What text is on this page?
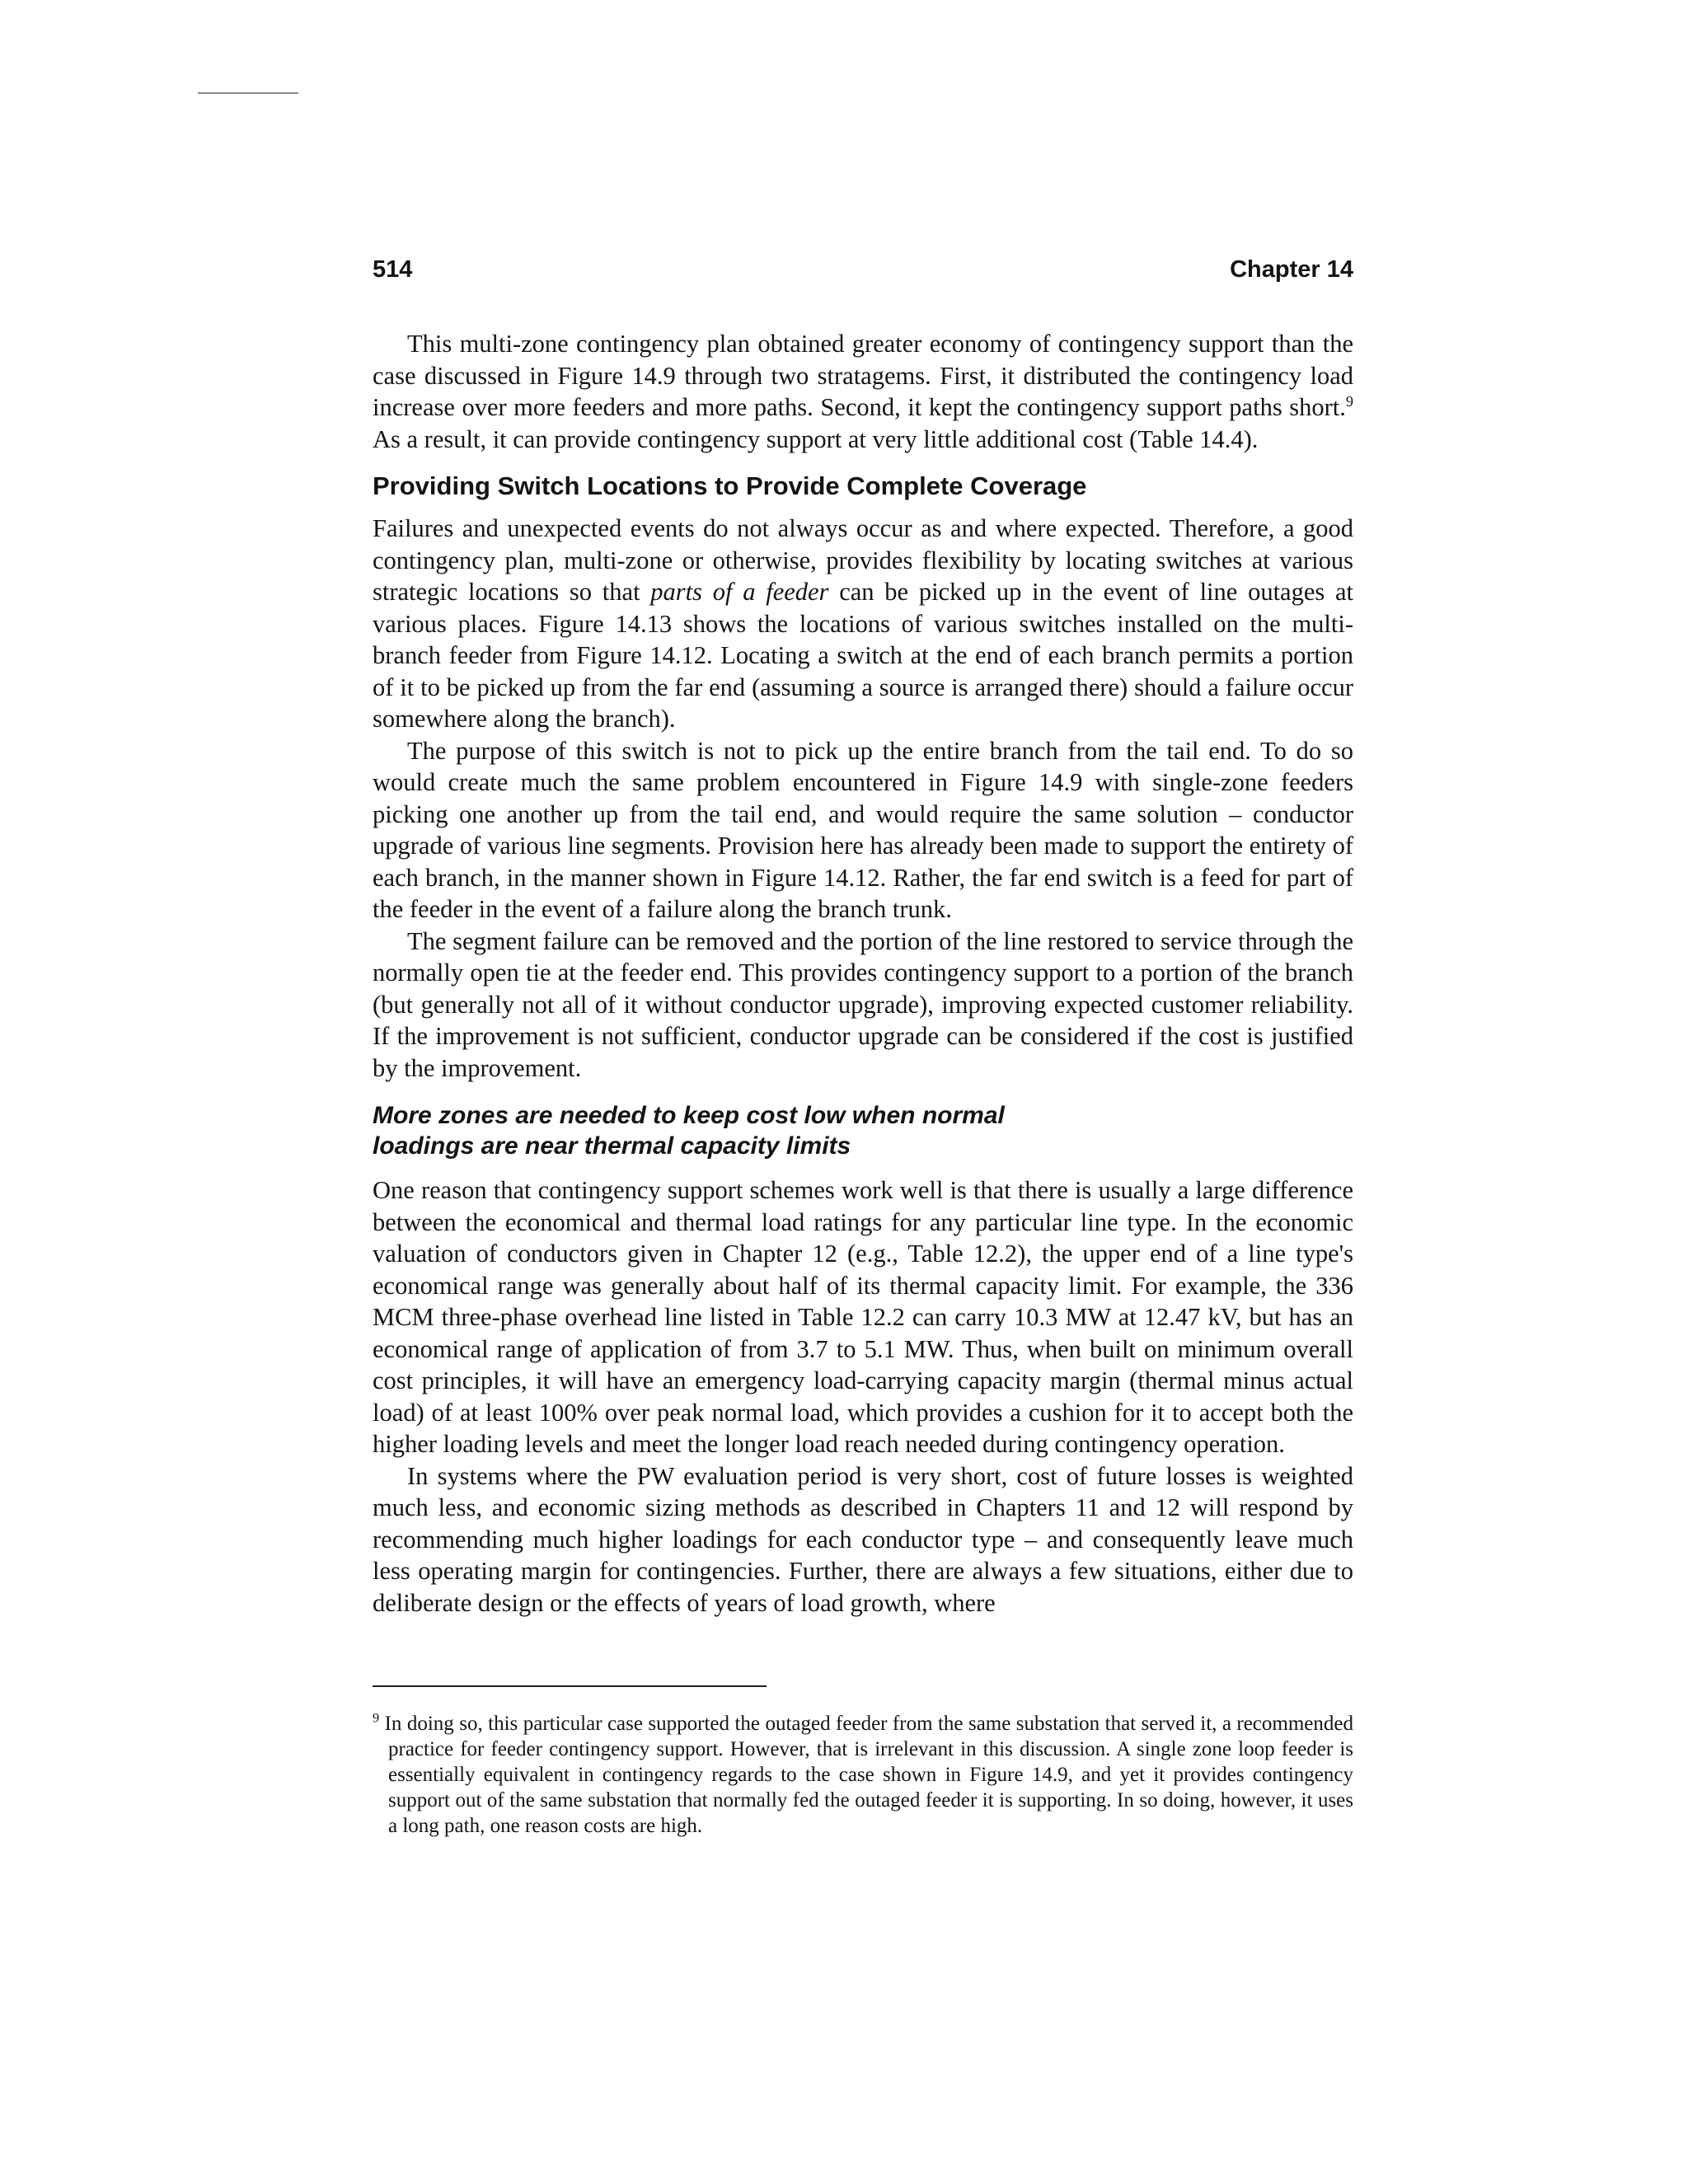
514	Chapter 14

This multi-zone contingency plan obtained greater economy of contingency support than the case discussed in Figure 14.9 through two stratagems. First, it distributed the contingency load increase over more feeders and more paths. Second, it kept the contingency support paths short.$^9$ As a result, it can provide contingency support at very little additional cost (Table 14.4).

Providing Switch Locations to Provide Complete Coverage

Failures and unexpected events do not always occur as and where expected. Therefore, a good contingency plan, multi-zone or otherwise, provides flexibility by locating switches at various strategic locations so that parts of a feeder can be picked up in the event of line outages at various places. Figure 14.13 shows the locations of various switches installed on the multi-branch feeder from Figure 14.12. Locating a switch at the end of each branch permits a portion of it to be picked up from the far end (assuming a source is arranged there) should a failure occur somewhere along the branch).

The purpose of this switch is not to pick up the entire branch from the tail end. To do so would create much the same problem encountered in Figure 14.9 with single-zone feeders picking one another up from the tail end, and would require the same solution – conductor upgrade of various line segments. Provision here has already been made to support the entirety of each branch, in the manner shown in Figure 14.12. Rather, the far end switch is a feed for part of the feeder in the event of a failure along the branch trunk.

The segment failure can be removed and the portion of the line restored to service through the normally open tie at the feeder end. This provides contingency support to a portion of the branch (but generally not all of it without conductor upgrade), improving expected customer reliability. If the improvement is not sufficient, conductor upgrade can be considered if the cost is justified by the improvement.

More zones are needed to keep cost low when normal loadings are near thermal capacity limits

One reason that contingency support schemes work well is that there is usually a large difference between the economical and thermal load ratings for any particular line type. In the economic valuation of conductors given in Chapter 12 (e.g., Table 12.2), the upper end of a line type's economical range was generally about half of its thermal capacity limit. For example, the 336 MCM three-phase overhead line listed in Table 12.2 can carry 10.3 MW at 12.47 kV, but has an economical range of application of from 3.7 to 5.1 MW. Thus, when built on minimum overall cost principles, it will have an emergency load-carrying capacity margin (thermal minus actual load) of at least 100% over peak normal load, which provides a cushion for it to accept both the higher loading levels and meet the longer load reach needed during contingency operation.

In systems where the PW evaluation period is very short, cost of future losses is weighted much less, and economic sizing methods as described in Chapters 11 and 12 will respond by recommending much higher loadings for each conductor type – and consequently leave much less operating margin for contingencies. Further, there are always a few situations, either due to deliberate design or the effects of years of load growth, where

$^9$ In doing so, this particular case supported the outaged feeder from the same substation that served it, a recommended practice for feeder contingency support. However, that is irrelevant in this discussion. A single zone loop feeder is essentially equivalent in contingency regards to the case shown in Figure 14.9, and yet it provides contingency support out of the same substation that normally fed the outaged feeder it is supporting. In so doing, however, it uses a long path, one reason costs are high.
